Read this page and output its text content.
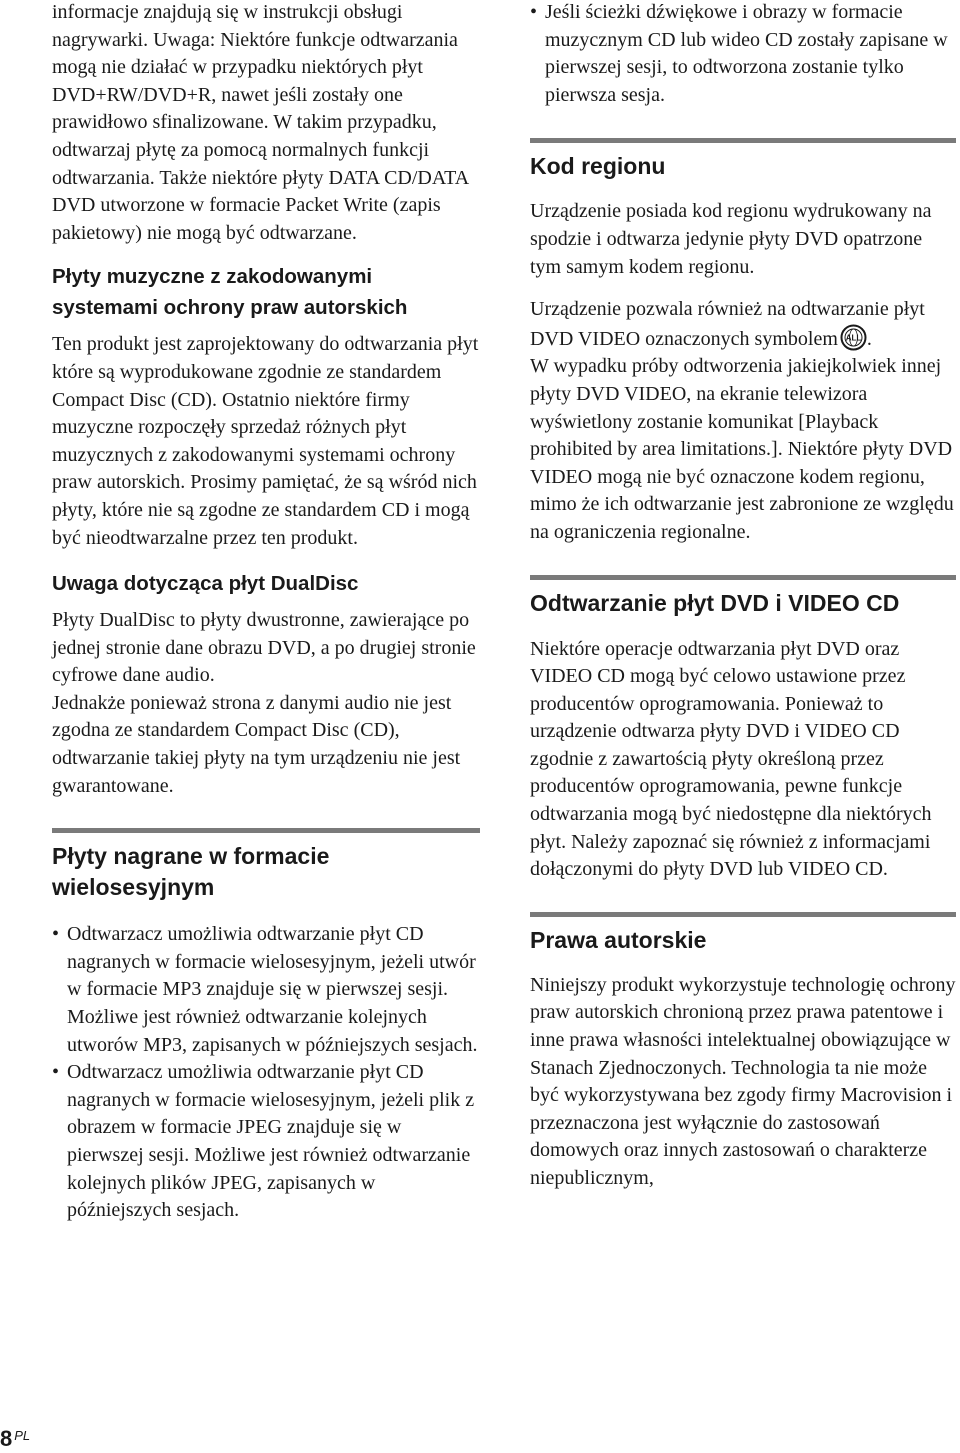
informacje znajdują się w instrukcji obsługi nagrywarki. Uwaga: Niektóre funkcje odtwarzania mogą nie działać w przypadku niektórych płyt DVD+RW/DVD+R, nawet jeśli zostały one prawidłowo sfinalizowane. W takim przypadku, odtwarzaj płytę za pomocą normalnych funkcji odtwarzania. Także niektóre płyty DATA CD/DATA DVD utworzone w formacie Packet Write (zapis pakietowy) nie mogą być odtwarzane.

Płyty muzyczne z zakodowanymi systemami ochrony praw autorskich

Ten produkt jest zaprojektowany do odtwarzania płyt które są wyprodukowane zgodnie ze standardem Compact Disc (CD). Ostatnio niektóre firmy muzyczne rozpoczęły sprzedaż różnych płyt muzycznych z zakodowanymi systemami ochrony praw autorskich. Prosimy pamiętać, że są wśród nich płyty, które nie są zgodne ze standardem CD i mogą być nieodtwarzalne przez ten produkt.

Uwaga dotycząca płyt DualDisc

Płyty DualDisc to płyty dwustronne, zawierające po jednej stronie dane obrazu DVD, a po drugiej stronie cyfrowe dane audio.

Jednakże ponieważ strona z danymi audio nie jest zgodna ze standardem Compact Disc (CD), odtwarzanie takiej płyty na tym urządzeniu nie jest gwarantowane.

Płyty nagrane w formacie wielosesyjnym
• Odtwarzacz umożliwia odtwarzanie płyt CD nagranych w formacie wielosesyjnym, jeżeli utwór w formacie MP3 znajduje się w pierwszej sesji. Możliwe jest również odtwarzanie kolejnych utworów MP3, zapisanych w późniejszych sesjach.
• Odtwarzacz umożliwia odtwarzanie płyt CD nagranych w formacie wielosesyjnym, jeżeli plik z obrazem w formacie JPEG znajduje się w pierwszej sesji. Możliwe jest również odtwarzanie kolejnych plików JPEG, zapisanych w późniejszych sesjach.
• Jeśli ścieżki dźwiękowe i obrazy w formacie muzycznym CD lub wideo CD zostały zapisane w pierwszej sesji, to odtworzona zostanie tylko pierwsza sesja.
Kod regionu

Urządzenie posiada kod regionu wydrukowany na spodzie i odtwarza jedynie płyty DVD opatrzone tym samym kodem regionu.

Urządzenie pozwala również na odtwarzanie płyt DVD VIDEO oznaczonych symbolem ALL .
W wypadku próby odtworzenia jakiejkolwiek innej płyty DVD VIDEO, na ekranie telewizora wyświetlony zostanie komunikat [Playback prohibited by area limitations.]. Niektóre płyty DVD VIDEO mogą nie być oznaczone kodem regionu, mimo że ich odtwarzanie jest zabronione ze względu na ograniczenia regionalne.

Odtwarzanie płyt DVD i VIDEO CD

Niektóre operacje odtwarzania płyt DVD oraz VIDEO CD mogą być celowo ustawione przez producentów oprogramowania. Ponieważ to urządzenie odtwarza płyty DVD i VIDEO CD zgodnie z zawartością płyty określoną przez producentów oprogramowania, pewne funkcje odtwarzania mogą być niedostępne dla niektórych płyt. Należy zapoznać się również z informacjami dołączonymi do płyty DVD lub VIDEO CD.

Prawa autorskie

Niniejszy produkt wykorzystuje technologię ochrony praw autorskich chronioną przez prawa patentowe i inne prawa własności intelektualnej obowiązujące w Stanach Zjednoczonych. Technologia ta nie może być wykorzystywana bez zgody firmy Macrovision i przeznaczona jest wyłącznie do zastosowań domowych oraz innych zastosowań o charakterze niepublicznym,

8 $^{PL}$
